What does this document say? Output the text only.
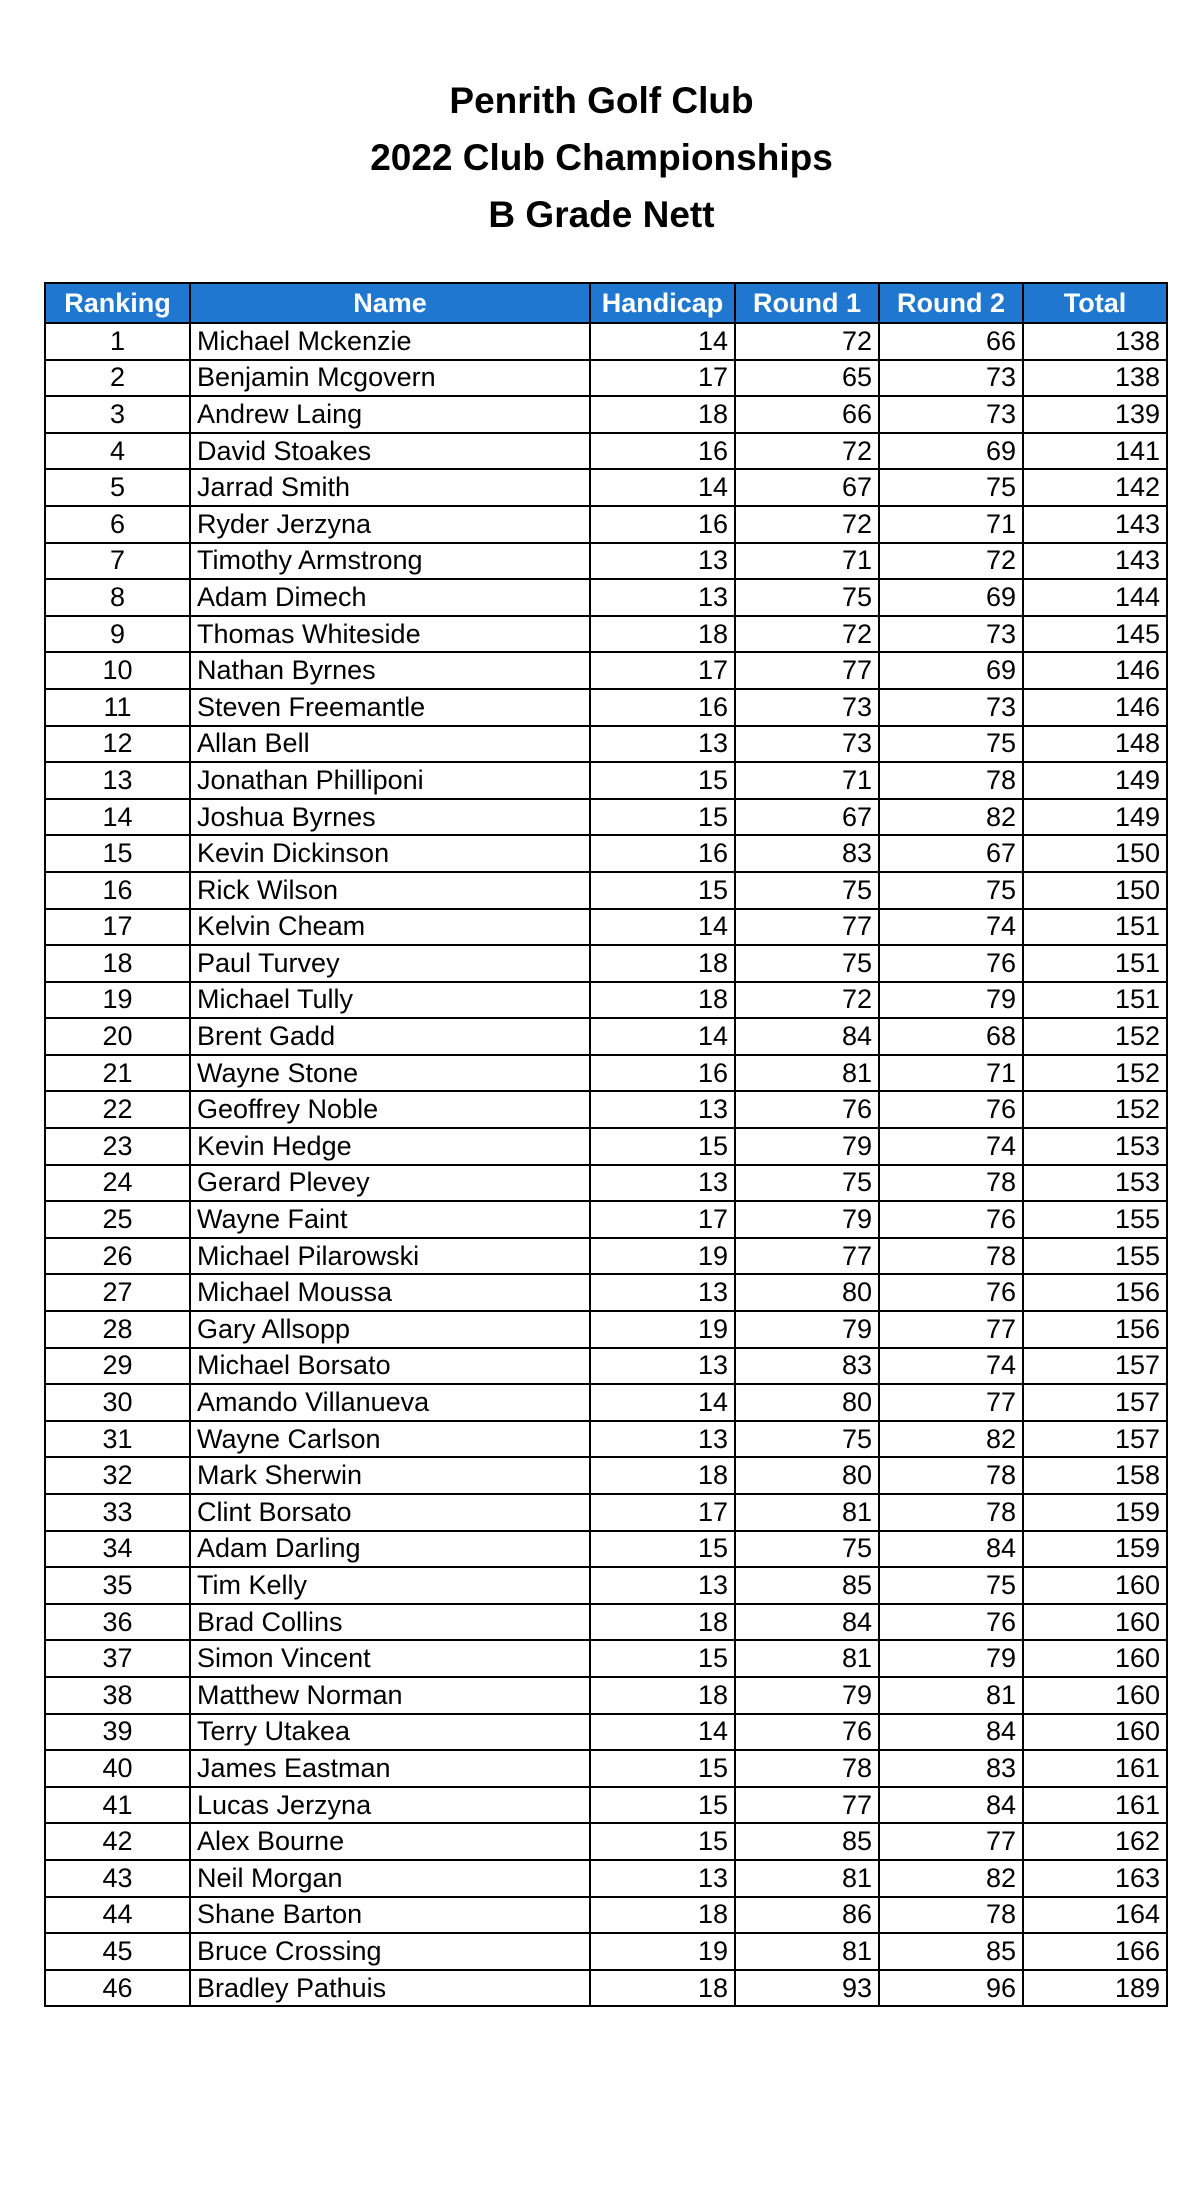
Penrith Golf Club
2022 Club Championships
B Grade Nett
Ranking	Name	Handicap	Round 1	Round 2	Total
1	Michael Mckenzie	14	72	66	138
2	Benjamin Mcgovern	17	65	73	138
3	Andrew Laing	18	66	73	139
4	David Stoakes	16	72	69	141
5	Jarrad Smith	14	67	75	142
6	Ryder Jerzyna	16	72	71	143
7	Timothy Armstrong	13	71	72	143
8	Adam Dimech	13	75	69	144
9	Thomas Whiteside	18	72	73	145
10	Nathan Byrnes	17	77	69	146
11	Steven Freemantle	16	73	73	146
12	Allan Bell	13	73	75	148
13	Jonathan Philliponi	15	71	78	149
14	Joshua Byrnes	15	67	82	149
15	Kevin Dickinson	16	83	67	150
16	Rick Wilson	15	75	75	150
17	Kelvin Cheam	14	77	74	151
18	Paul Turvey	18	75	76	151
19	Michael Tully	18	72	79	151
20	Brent Gadd	14	84	68	152
21	Wayne Stone	16	81	71	152
22	Geoffrey Noble	13	76	76	152
23	Kevin Hedge	15	79	74	153
24	Gerard Plevey	13	75	78	153
25	Wayne Faint	17	79	76	155
26	Michael Pilarowski	19	77	78	155
27	Michael Moussa	13	80	76	156
28	Gary Allsopp	19	79	77	156
29	Michael Borsato	13	83	74	157
30	Amando Villanueva	14	80	77	157
31	Wayne Carlson	13	75	82	157
32	Mark Sherwin	18	80	78	158
33	Clint Borsato	17	81	78	159
34	Adam Darling	15	75	84	159
35	Tim Kelly	13	85	75	160
36	Brad Collins	18	84	76	160
37	Simon Vincent	15	81	79	160
38	Matthew Norman	18	79	81	160
39	Terry Utakea	14	76	84	160
40	James Eastman	15	78	83	161
41	Lucas Jerzyna	15	77	84	161
42	Alex Bourne	15	85	77	162
43	Neil Morgan	13	81	82	163
44	Shane Barton	18	86	78	164
45	Bruce Crossing	19	81	85	166
46	Bradley Pathuis	18	93	96	189
